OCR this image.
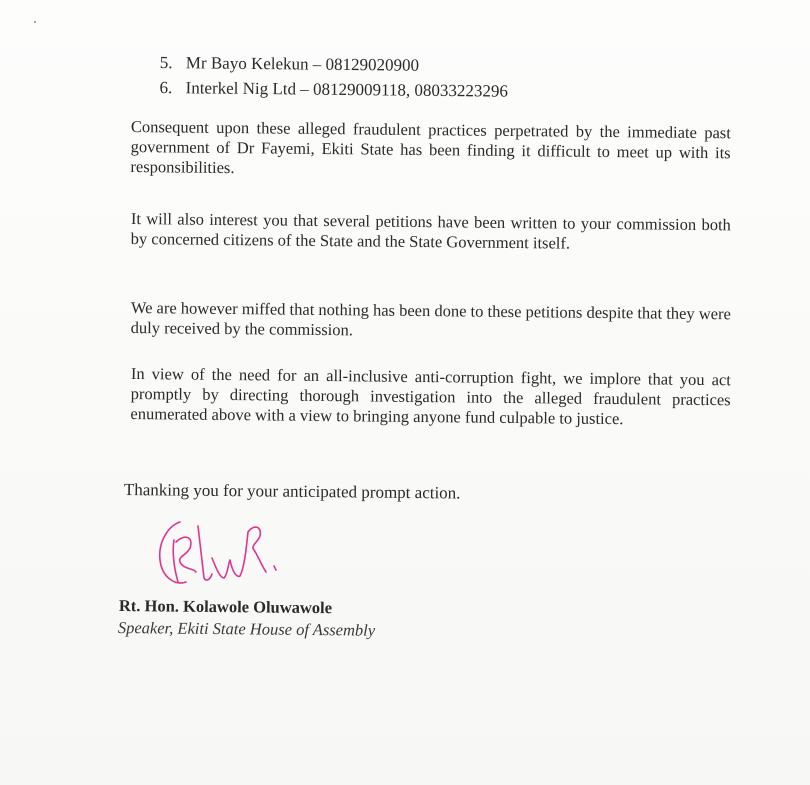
5. Mr Bayo Kelekun – 08129020900
6. Interkel Nig Ltd – 08129009118, 08033223296

Consequent upon these alleged fraudulent practices perpetrated by the immediate past government of Dr Fayemi, Ekiti State has been finding it difficult to meet up with its responsibilities.

It will also interest you that several petitions have been written to your commission both by concerned citizens of the State and the State Government itself.

We are however miffed that nothing has been done to these petitions despite that they were duly received by the commission.

In view of the need for an all-inclusive anti-corruption fight, we implore that you act promptly by directing thorough investigation into the alleged fraudulent practices enumerated above with a view to bringing anyone fund culpable to justice.

Thanking you for your anticipated prompt action.
Rt. Hon. Kolawole Oluwawole
Speaker, Ekiti State House of Assembly
